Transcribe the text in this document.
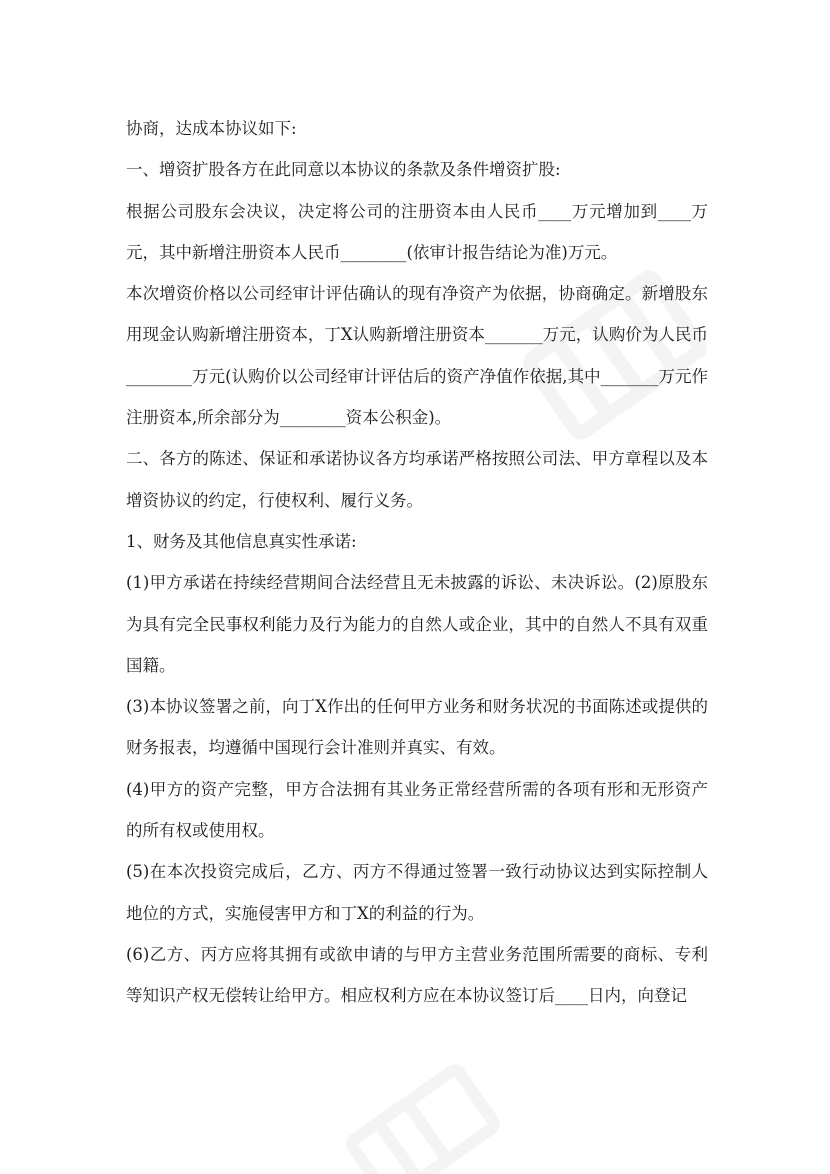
协商，达成本协议如下:

一、增资扩股各方在此同意以本协议的条款及条件增资扩股:

根据公司股东会决议，决定将公司的注册资本由人民币____万元增加到____万元，其中新增注册资本人民币________(依审计报告结论为准)万元。

本次增资价格以公司经审计评估确认的现有净资产为依据，协商确定。新增股东用现金认购新增注册资本，丁X认购新增注册资本_______万元，认购价为人民币________万元(认购价以公司经审计评估后的资产净值作依据,其中_______万元作注册资本,所余部分为________资本公积金)。

二、各方的陈述、保证和承诺协议各方均承诺严格按照公司法、甲方章程以及本增资协议的约定，行使权利、履行义务。

1、财务及其他信息真实性承诺:

(1)甲方承诺在持续经营期间合法经营且无未披露的诉讼、未决诉讼。(2)原股东为具有完全民事权利能力及行为能力的自然人或企业，其中的自然人不具有双重国籍。

(3)本协议签署之前，向丁X作出的任何甲方业务和财务状况的书面陈述或提供的财务报表，均遵循中国现行会计准则并真实、有效。

(4)甲方的资产完整，甲方合法拥有其业务正常经营所需的各项有形和无形资产的所有权或使用权。

(5)在本次投资完成后，乙方、丙方不得通过签署一致行动协议达到实际控制人地位的方式，实施侵害甲方和丁X的利益的行为。

(6)乙方、丙方应将其拥有或欲申请的与甲方主营业务范围所需要的商标、专利等知识产权无偿转让给甲方。相应权利方应在本协议签订后____日内，向登记
